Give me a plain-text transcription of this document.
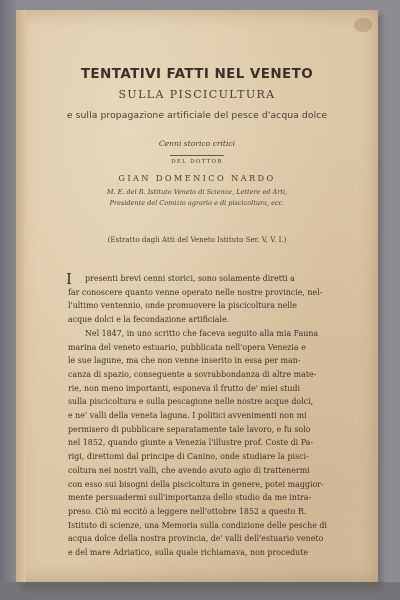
TENTATIVI FATTI NEL VENETO
SULLA PISCICULTURA
e sulla propagazione artificiale del pesce d'acqua dolce
Cenni storico critici
DEL DOTTOR
GIAN DOMENICO NARDO
M. E. del R. Istituto Veneto di Scienze, Lettere ed Arti,
Presidente del Comizio agrario e di piscicoltura, ecc.
(Estratto dagli Atti del Veneto Istituto Ser. V, V. I.)
I	presenti brevi cenni storici, sono solamente diretti a
far conoscere quanto venne operato nelle nostre provincie, nel-
l'ultimo ventennio, onde promuovere la piscicoltura nelle
acque dolci e la fecondazione artificiale.
Nel 1847, in uno scritto che faceva seguito alla mia Fauna
marina del veneto estuario, pubblicata nell'opera Venezia e
le sue lagune, ma che non venne inserito in essa per man-
canza di spazio, conseguente a sovrabbondanza di altre mate-
rie, non meno importanti, esponeva il frutto de' miei studi
sulla piscicoltura e sulla pescagione nelle nostre acque dolci,
e ne' valli della veneta laguna. I politici avvenimenti non mi
permisero di pubblicare separatamente tale lavoro, e fu solo
nel 1852, quando giunte a Venezia l'illustre prof. Coste di Pa-
rigi, direttomi dal principe di Canino, onde studiare la pisci-
coltura nei nostri valli, che avendo avuto agio di trattenermi
con esso sui bisogni della piscicoltura in genere, potei maggior-
mente persuadermi sull'importanza dello studio da me intra-
preso. Ciò mi eccitò a leggere nell'ottobre 1852 a questo R.
Istituto di scienze, una Memoria sulla condizione delle pesche di
acqua dolce della nostra provincia, de' valli dell'estuario veneto
e del mare Adriatico, sulla quale richiamava, non procedute
